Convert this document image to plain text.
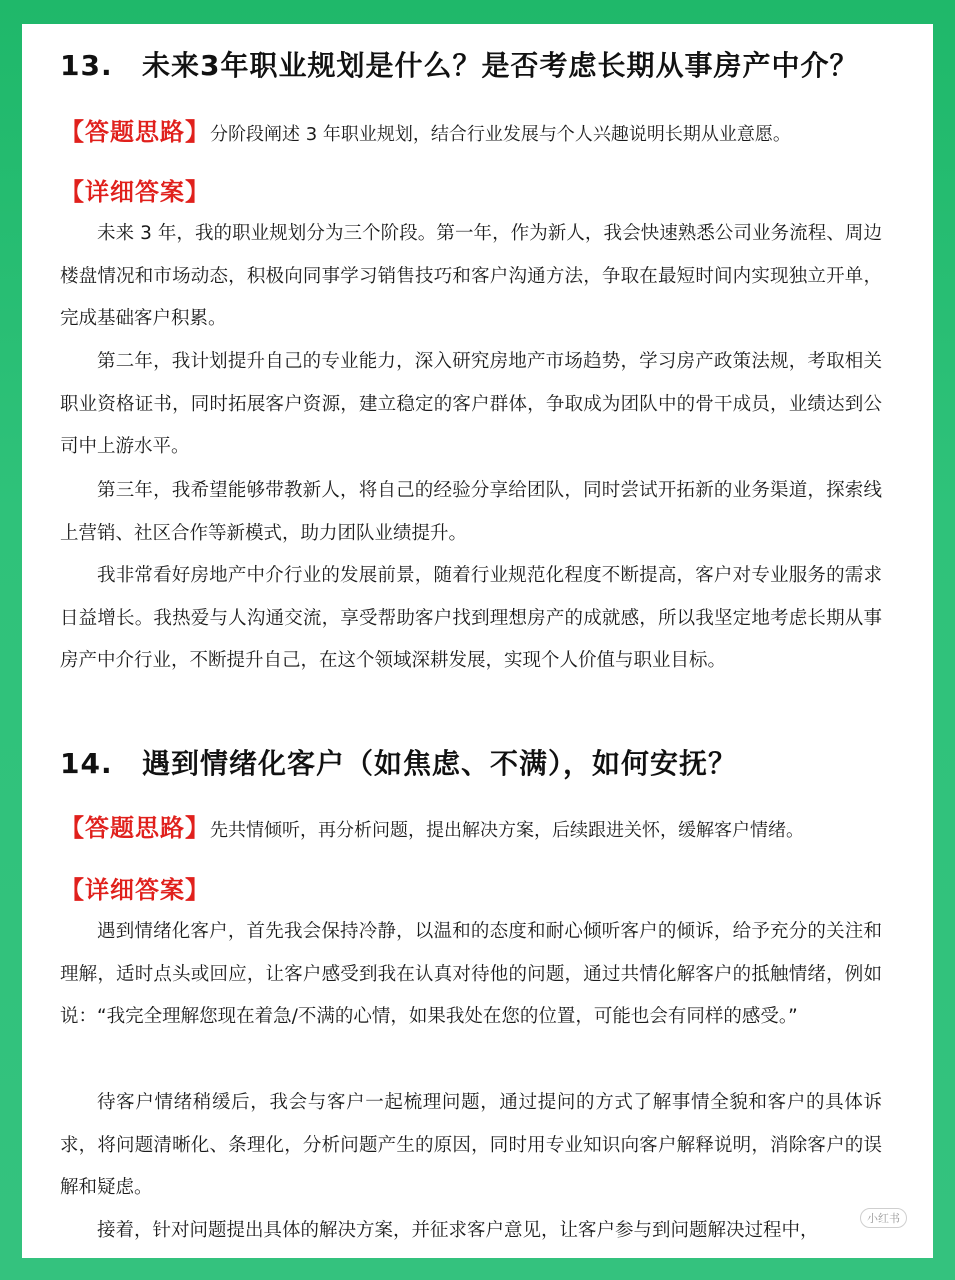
13. 未来3年职业规划是什么？是否考虑长期从事房产中介？
【答题思路】分阶段阐述 3 年职业规划，结合行业发展与个人兴趣说明长期从业意愿。
【详细答案】
未来 3 年，我的职业规划分为三个阶段。第一年，作为新人，我会快速熟悉公司业务流程、周边楼盘情况和市场动态，积极向同事学习销售技巧和客户沟通方法，争取在最短时间内实现独立开单，完成基础客户积累。
第二年，我计划提升自己的专业能力，深入研究房地产市场趋势，学习房产政策法规，考取相关职业资格证书，同时拓展客户资源，建立稳定的客户群体，争取成为团队中的骨干成员，业绩达到公司中上游水平。
第三年，我希望能够带教新人，将自己的经验分享给团队，同时尝试开拓新的业务渠道，探索线上营销、社区合作等新模式，助力团队业绩提升。
我非常看好房地产中介行业的发展前景，随着行业规范化程度不断提高，客户对专业服务的需求日益增长。我热爱与人沟通交流，享受帮助客户找到理想房产的成就感，所以我坚定地考虑长期从事房产中介行业，不断提升自己，在这个领域深耕发展，实现个人价值与职业目标。
14. 遇到情绪化客户（如焦虑、不满），如何安抚？
【答题思路】先共情倾听，再分析问题，提出解决方案，后续跟进关怀，缓解客户情绪。
【详细答案】
遇到情绪化客户，首先我会保持冷静，以温和的态度和耐心倾听客户的倾诉，给予充分的关注和理解，适时点头或回应，让客户感受到我在认真对待他的问题，通过共情化解客户的抵触情绪，例如说：“我完全理解您现在着急/不满的心情，如果我处在您的位置，可能也会有同样的感受。”
待客户情绪稍缓后，我会与客户一起梳理问题，通过提问的方式了解事情全貌和客户的具体诉求，将问题清晰化、条理化，分析问题产生的原因，同时用专业知识向客户解释说明，消除客户的误解和疑虑。
接着，针对问题提出具体的解决方案，并征求客户意见，让客户参与到问题解决过程中，
小红书
